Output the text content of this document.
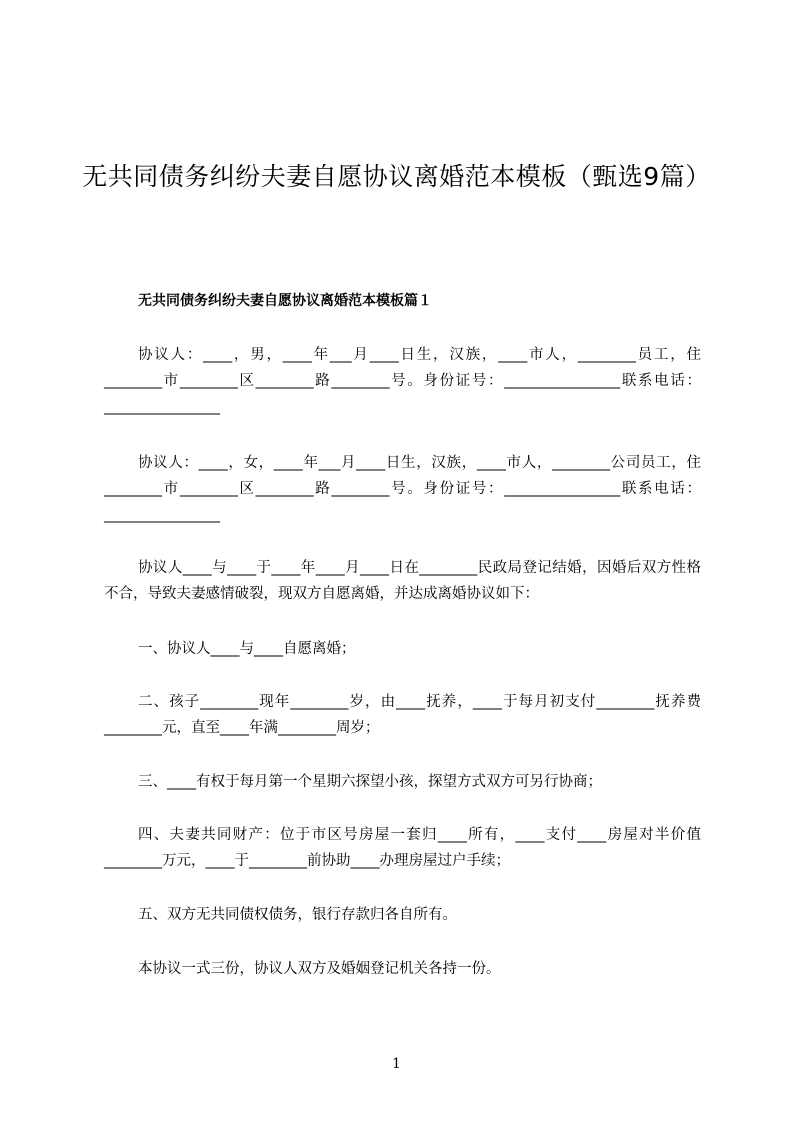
无共同债务纠纷夫妻自愿协议离婚范本模板（甄选9篇）
无共同债务纠纷夫妻自愿协议离婚范本模板篇１

协议人：____，男，____年___月____日生，汉族，____市人，________员工，住________市________区________路________号。身份证号：________________联系电话：________________

协议人：____，女，____年___月____日生，汉族，____市人，________公司员工，住________市________区________路________号。身份证号：________________联系电话：________________

协议人____与____于____年____月____日在________民政局登记结婚，因婚后双方性格不合，导致夫妻感情破裂，现双方自愿离婚，并达成离婚协议如下：

一、协议人____与____自愿离婚；

二、孩子________现年________岁，由____抚养，____于每月初支付________抚养费________元，直至____年满________周岁；

三、____有权于每月第一个星期六探望小孩，探望方式双方可另行协商；

四、夫妻共同财产：位于市区号房屋一套归____所有，____支付____房屋对半价值________万元，____于________前协助____办理房屋过户手续；

五、双方无共同债权债务，银行存款归各自所有。

本协议一式三份，协议人双方及婚姻登记机关各持一份。

1
